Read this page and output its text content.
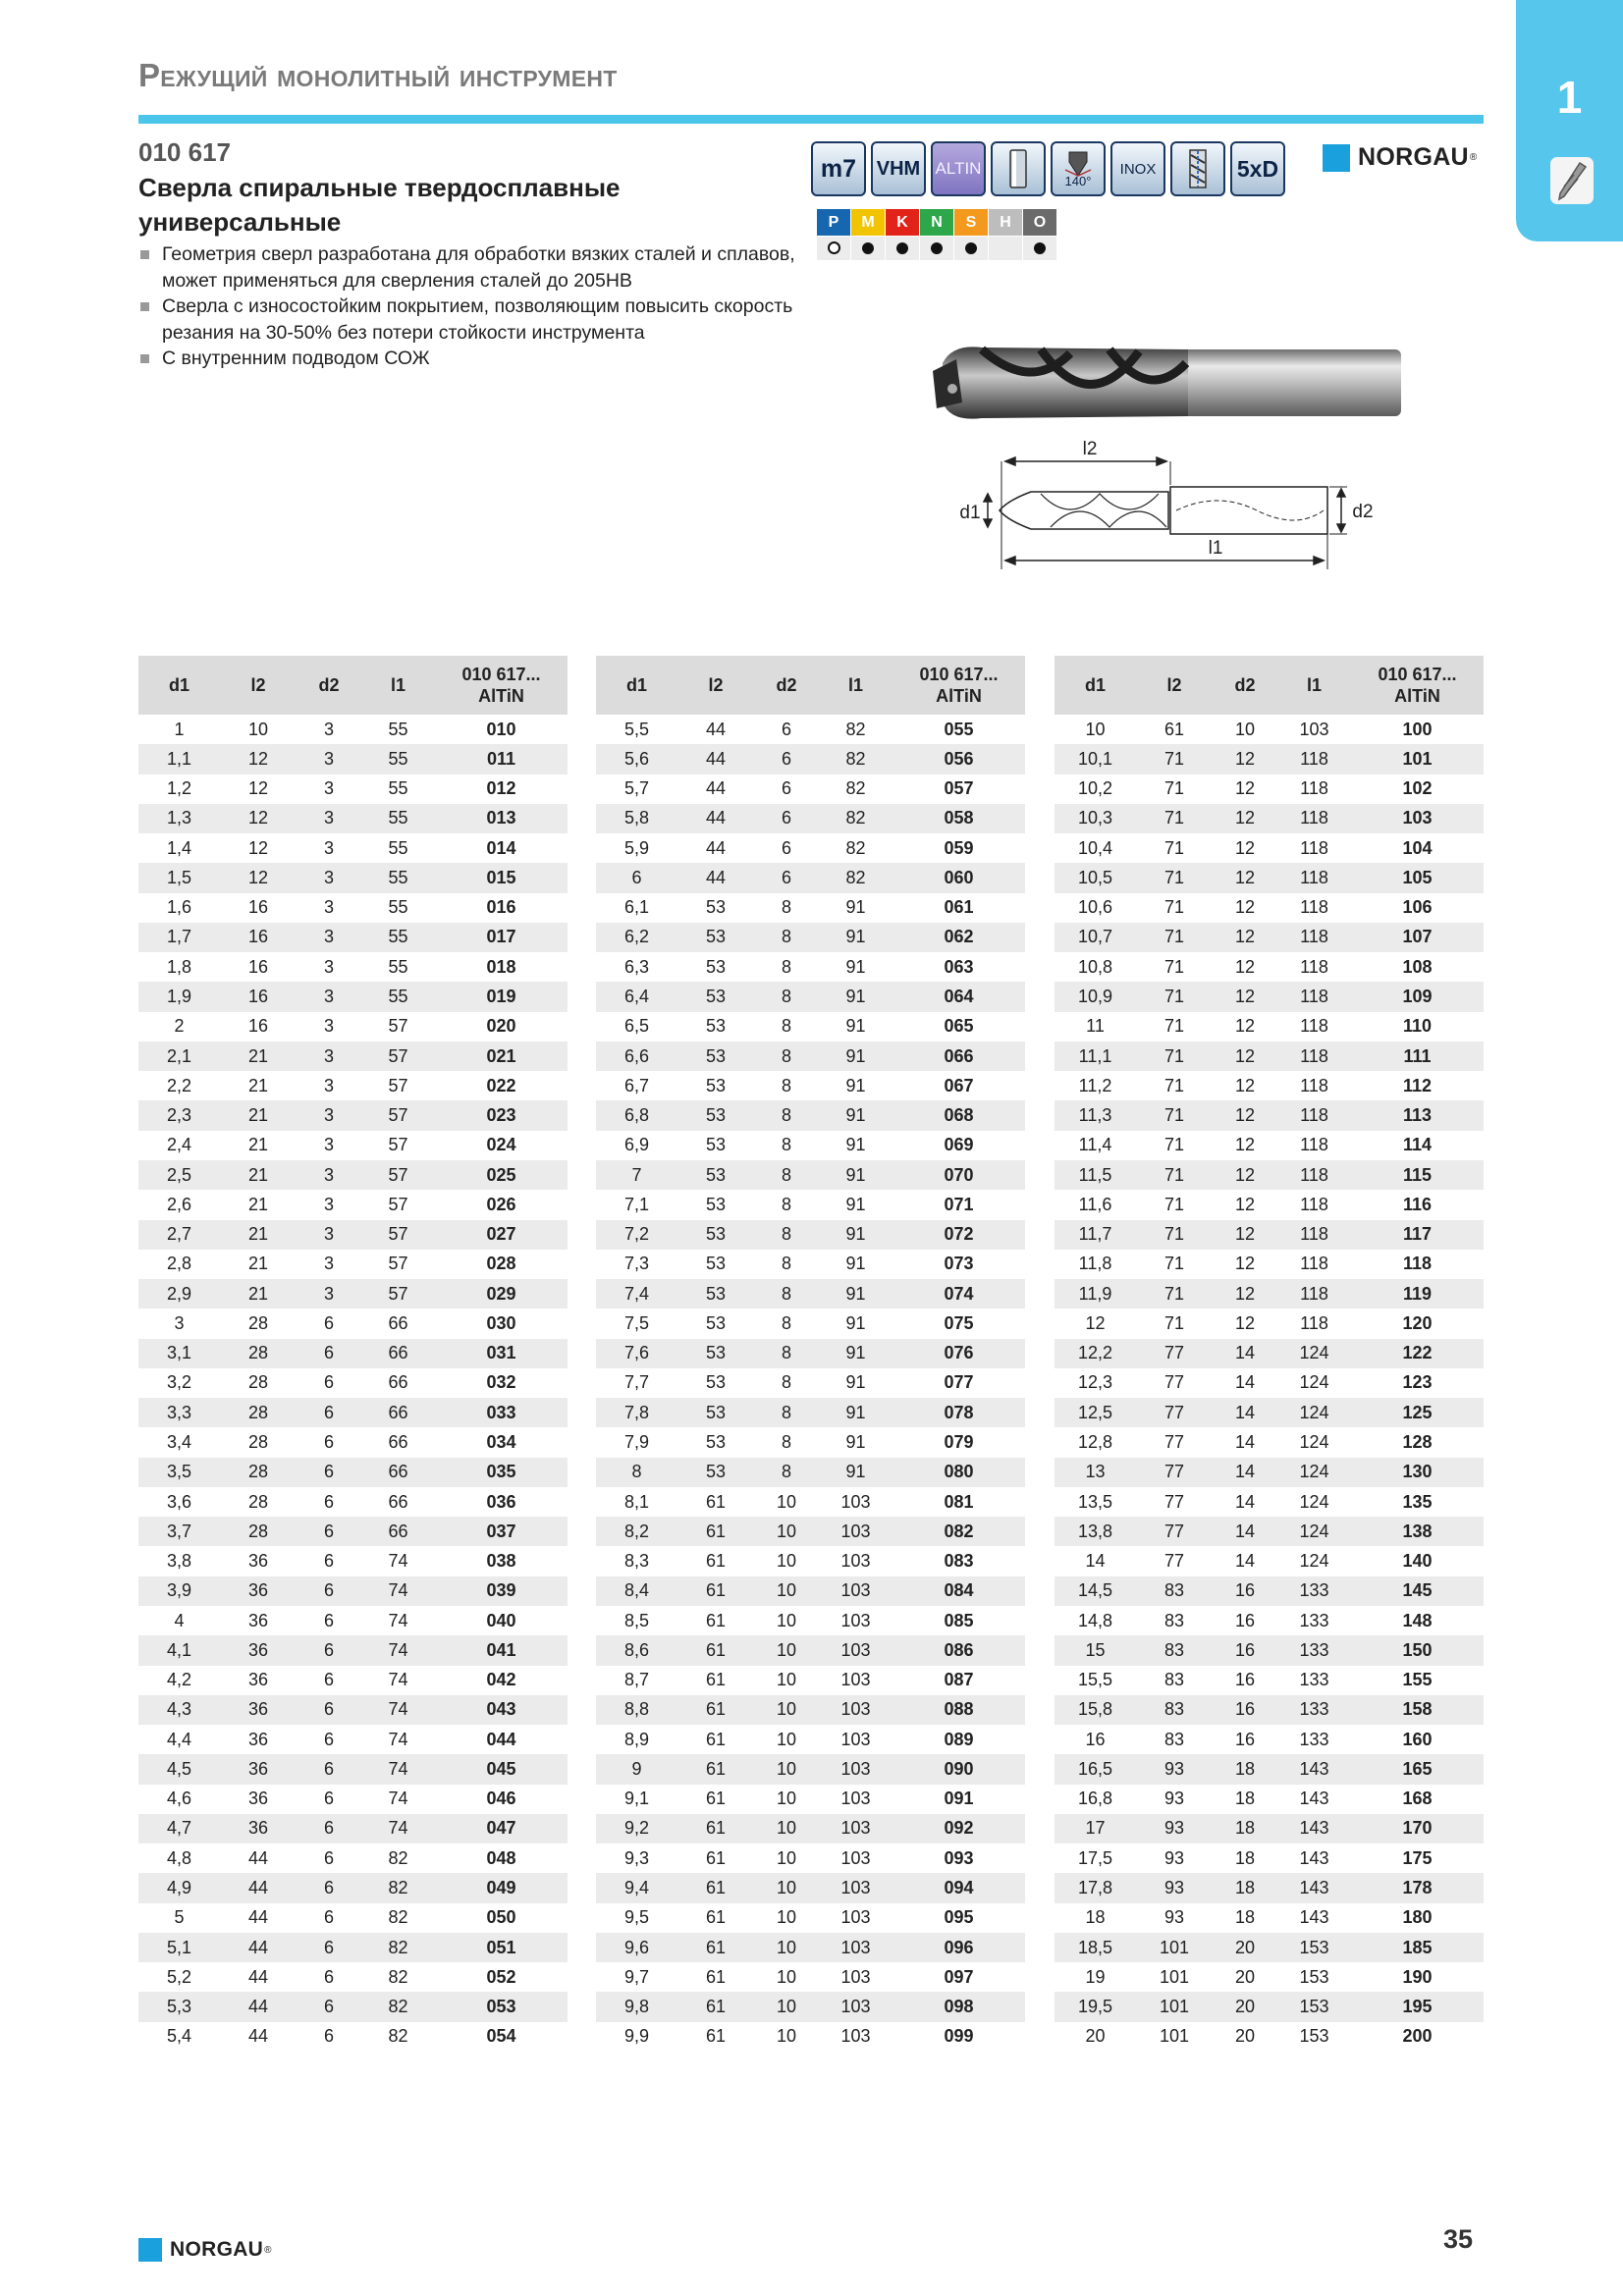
Режущий монолитный инструмент	1
010 617
Сверла спиральные твердосплавные универсальные
Геометрия сверл разработана для обработки вязких сталей и сплавов, может применяться для сверления сталей до 205HB
Сверла с износостойким покрытием, позволяющим повысить скорость резания на 30-50% без потери стойкости инструмента
С внутренним подводом СОЖ
m7 VHM ALTIN
140°
INOX	5xD	NORGAU ®
P	M	K	N	S	H	O

l2
d1	d2
l1
d1	l2	d2	l1	010 617...
AlTiN
1	10	3	55	010
1,1	12	3	55	011
1,2	12	3	55	012
1,3	12	3	55	013
1,4	12	3	55	014
1,5	12	3	55	015
1,6	16	3	55	016
1,7	16	3	55	017
1,8	16	3	55	018
1,9	16	3	55	019
2	16	3	57	020
2,1	21	3	57	021
2,2	21	3	57	022
2,3	21	3	57	023
2,4	21	3	57	024
2,5	21	3	57	025
2,6	21	3	57	026
2,7	21	3	57	027
2,8	21	3	57	028
2,9	21	3	57	029
3	28	6	66	030
3,1	28	6	66	031
3,2	28	6	66	032
3,3	28	6	66	033
3,4	28	6	66	034
3,5	28	6	66	035
3,6	28	6	66	036
3,7	28	6	66	037
3,8	36	6	74	038
3,9	36	6	74	039
4	36	6	74	040
4,1	36	6	74	041
4,2	36	6	74	042
4,3	36	6	74	043
4,4	36	6	74	044
4,5	36	6	74	045
4,6	36	6	74	046
4,7	36	6	74	047
4,8	44	6	82	048
4,9	44	6	82	049
5	44	6	82	050
5,1	44	6	82	051
5,2	44	6	82	052
5,3	44	6	82	053
5,4	44	6	82	054
d1	l2	d2	l1	010 617...
AlTiN
5,5	44	6	82	055
5,6	44	6	82	056
5,7	44	6	82	057
5,8	44	6	82	058
5,9	44	6	82	059
6	44	6	82	060
6,1	53	8	91	061
6,2	53	8	91	062
6,3	53	8	91	063
6,4	53	8	91	064
6,5	53	8	91	065
6,6	53	8	91	066
6,7	53	8	91	067
6,8	53	8	91	068
6,9	53	8	91	069
7	53	8	91	070
7,1	53	8	91	071
7,2	53	8	91	072
7,3	53	8	91	073
7,4	53	8	91	074
7,5	53	8	91	075
7,6	53	8	91	076
7,7	53	8	91	077
7,8	53	8	91	078
7,9	53	8	91	079
8	53	8	91	080
8,1	61	10	103	081
8,2	61	10	103	082
8,3	61	10	103	083
8,4	61	10	103	084
8,5	61	10	103	085
8,6	61	10	103	086
8,7	61	10	103	087
8,8	61	10	103	088
8,9	61	10	103	089
9	61	10	103	090
9,1	61	10	103	091
9,2	61	10	103	092
9,3	61	10	103	093
9,4	61	10	103	094
9,5	61	10	103	095
9,6	61	10	103	096
9,7	61	10	103	097
9,8	61	10	103	098
9,9	61	10	103	099
d1	l2	d2	l1	010 617...
AlTiN
10	61	10	103	100
10,1	71	12	118	101
10,2	71	12	118	102
10,3	71	12	118	103
10,4	71	12	118	104
10,5	71	12	118	105
10,6	71	12	118	106
10,7	71	12	118	107
10,8	71	12	118	108
10,9	71	12	118	109
11	71	12	118	110
11,1	71	12	118	111
11,2	71	12	118	112
11,3	71	12	118	113
11,4	71	12	118	114
11,5	71	12	118	115
11,6	71	12	118	116
11,7	71	12	118	117
11,8	71	12	118	118
11,9	71	12	118	119
12	71	12	118	120
12,2	77	14	124	122
12,3	77	14	124	123
12,5	77	14	124	125
12,8	77	14	124	128
13	77	14	124	130
13,5	77	14	124	135
13,8	77	14	124	138
14	77	14	124	140
14,5	83	16	133	145
14,8	83	16	133	148
15	83	16	133	150
15,5	83	16	133	155
15,8	83	16	133	158
16	83	16	133	160
16,5	93	18	143	165
16,8	93	18	143	168
17	93	18	143	170
17,5	93	18	143	175
17,8	93	18	143	178
18	93	18	143	180
18,5	101	20	153	185
19	101	20	153	190
19,5	101	20	153	195
20	101	20	153	200
NORGAU ®	35
